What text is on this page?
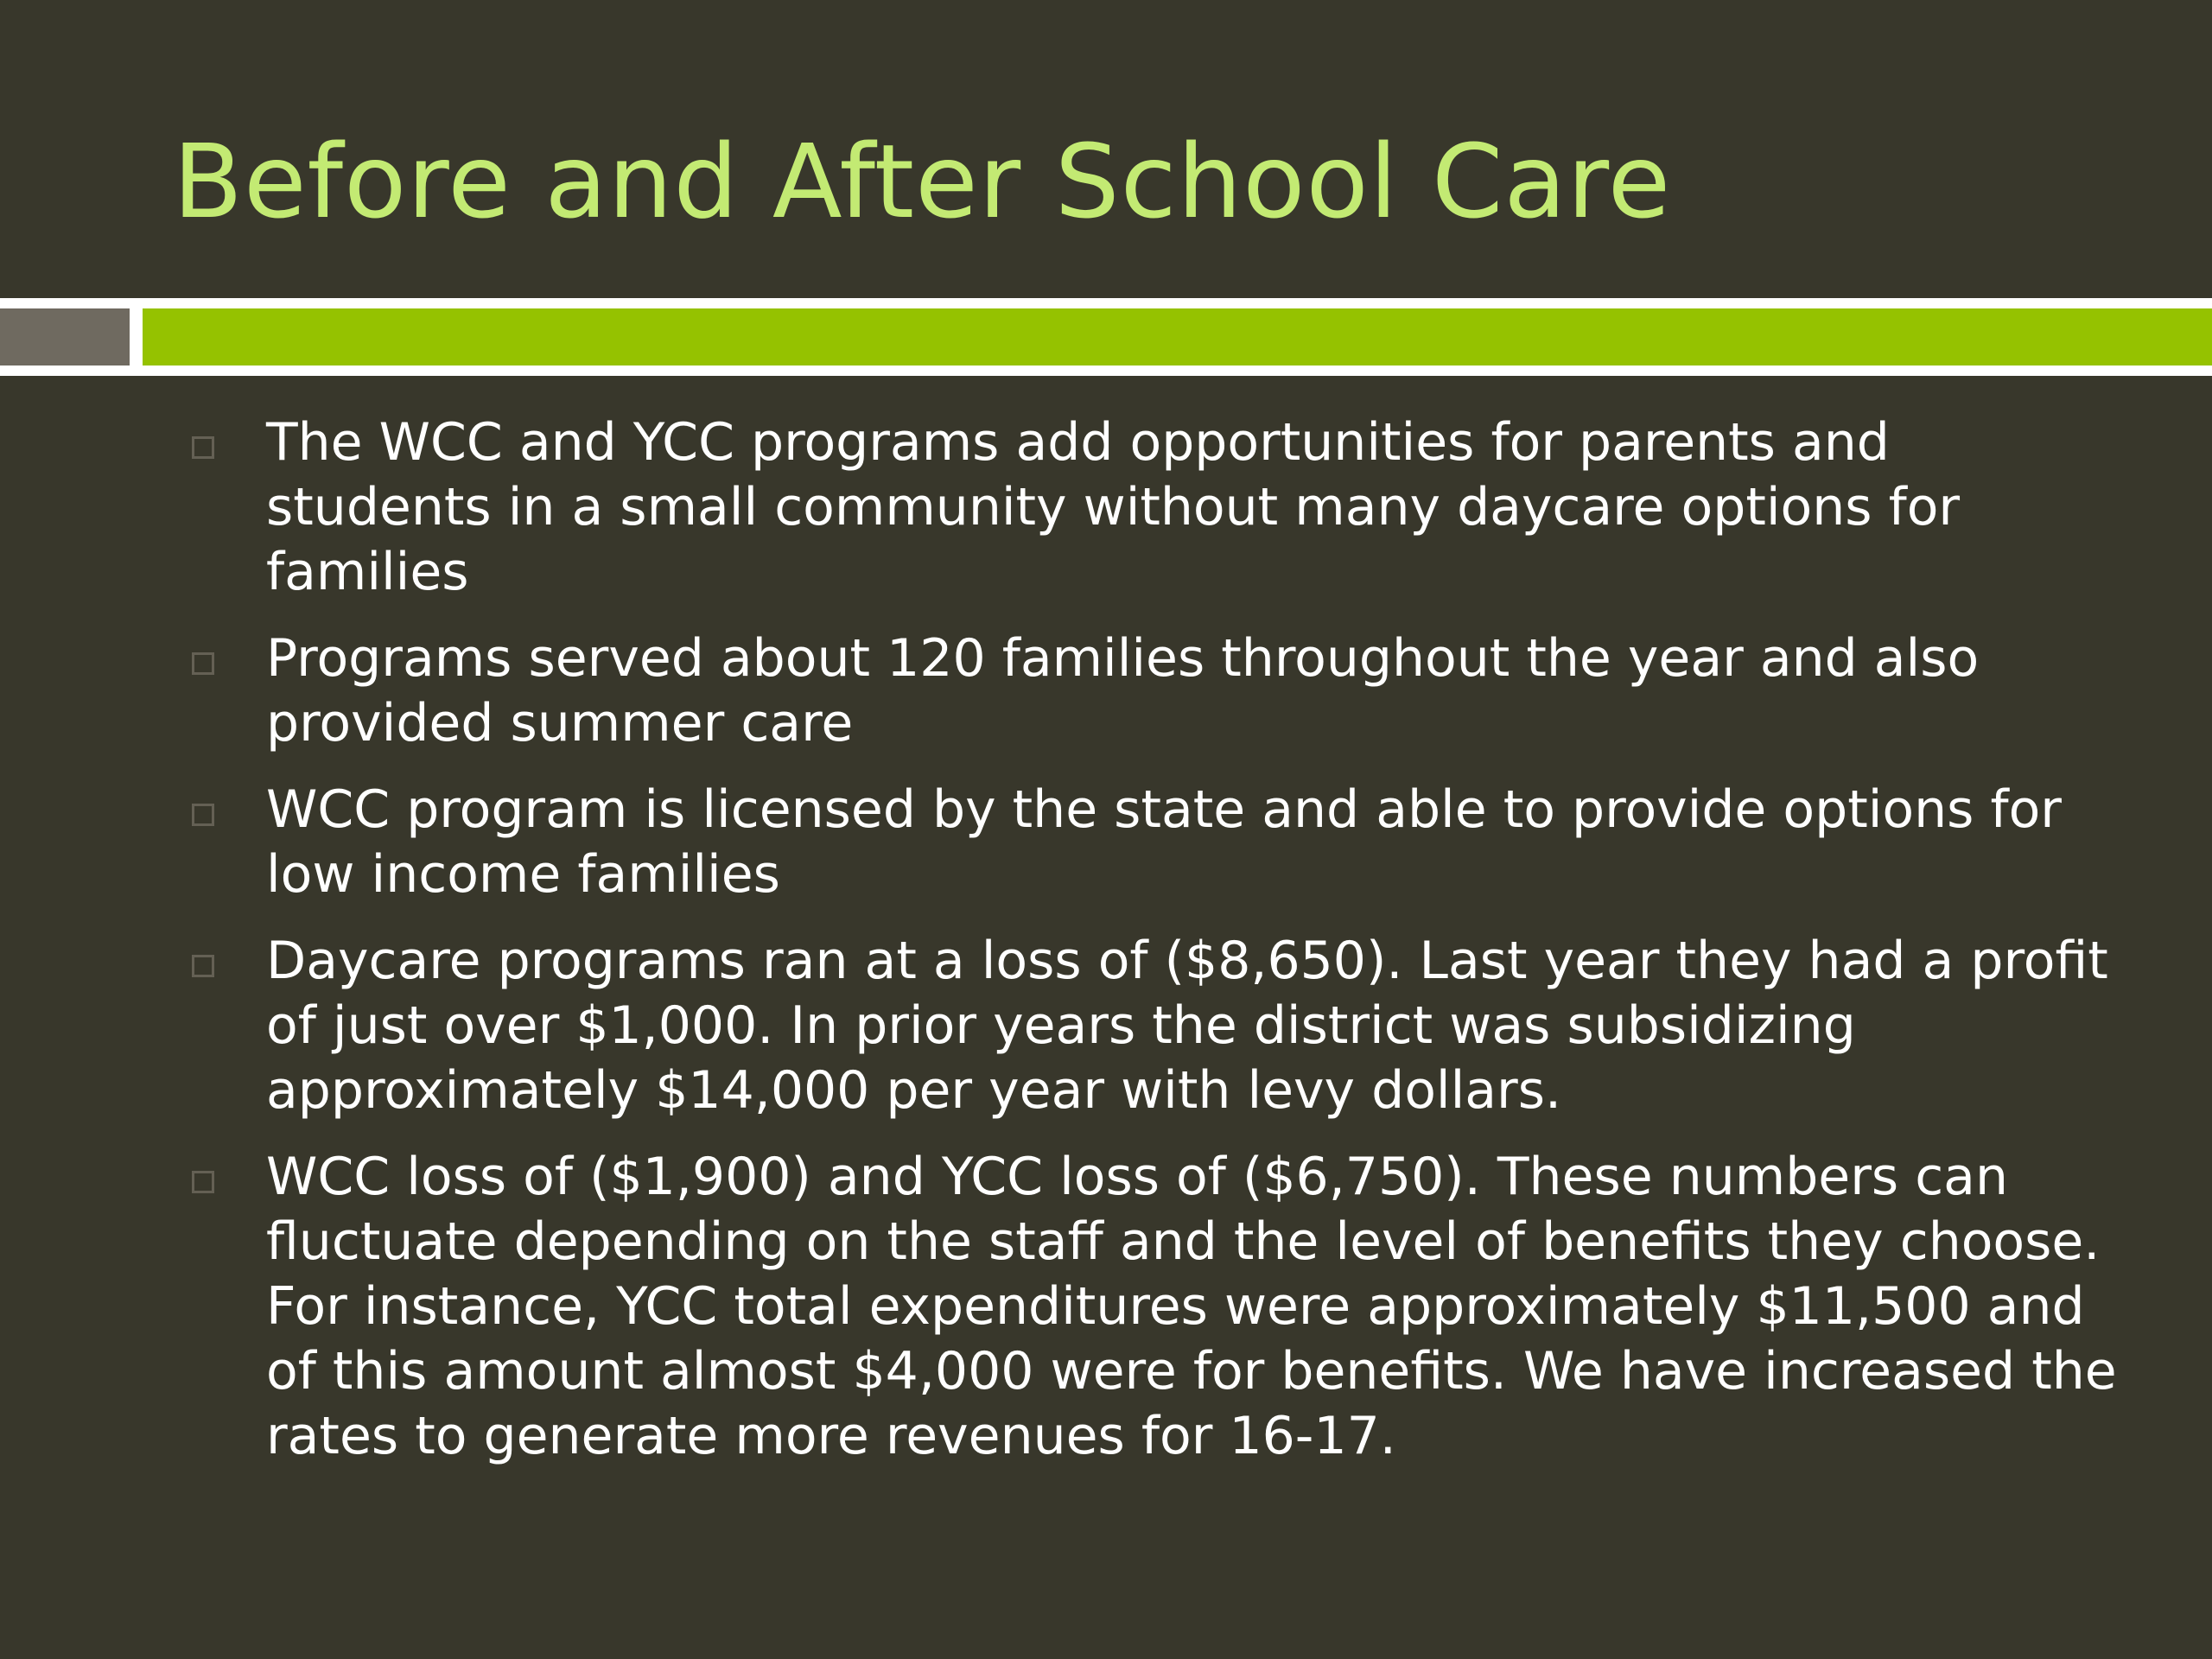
Before and After School Care
The WCC and YCC programs add opportunities for parents and students in a small community without many daycare options for families
Programs served about 120 families throughout the year and also provided summer care
WCC program is licensed by the state and able to provide options for low income families
Daycare programs ran at a loss of ($8,650). Last year they had a profit of just over $1,000. In prior years the district was subsidizing approximately $14,000 per year with levy dollars.
WCC loss of ($1,900) and YCC loss of ($6,750). These numbers can fluctuate depending on the staff and the level of benefits they choose. For instance, YCC total expenditures were approximately $11,500 and of this amount almost $4,000 were for benefits. We have increased the rates to generate more revenues for 16-17.
